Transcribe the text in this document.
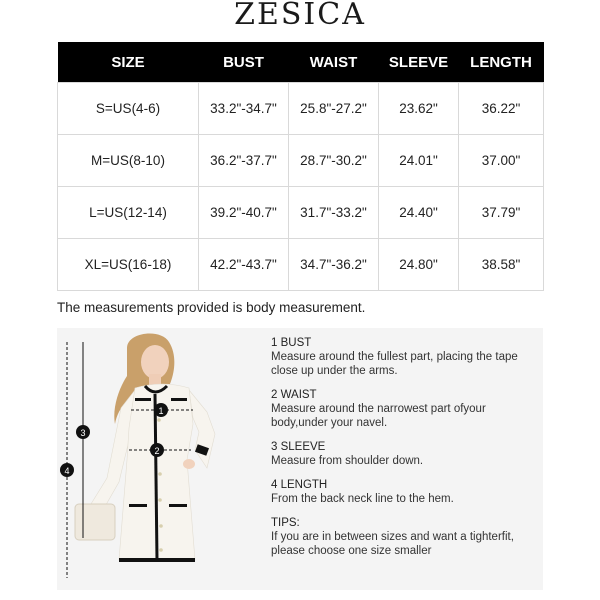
ZESICA
SIZE	BUST	WAIST	SLEEVE	LENGTH
S=US(4-6)	33.2"-34.7"	25.8"-27.2"	23.62"	36.22"
M=US(8-10)	36.2"-37.7"	28.7"-30.2"	24.01"	37.00"
L=US(12-14)	39.2"-40.7"	31.7"-33.2"	24.40"	37.79"
XL=US(16-18)	42.2"-43.7"	34.7"-36.2"	24.80"	38.58"
The measurements provided is body measurement.
1
2
3
4
1 BUST
Measure around the fullest part, placing the tape close up under the arms.
2 WAIST
Measure around the narrowest part ofyour body,under your navel.
3 SLEEVE
Measure from shoulder down.
4 LENGTH
From the back neck line to the hem.
TIPS:
If you are in between sizes and want a tighterfit, please choose one size smaller
